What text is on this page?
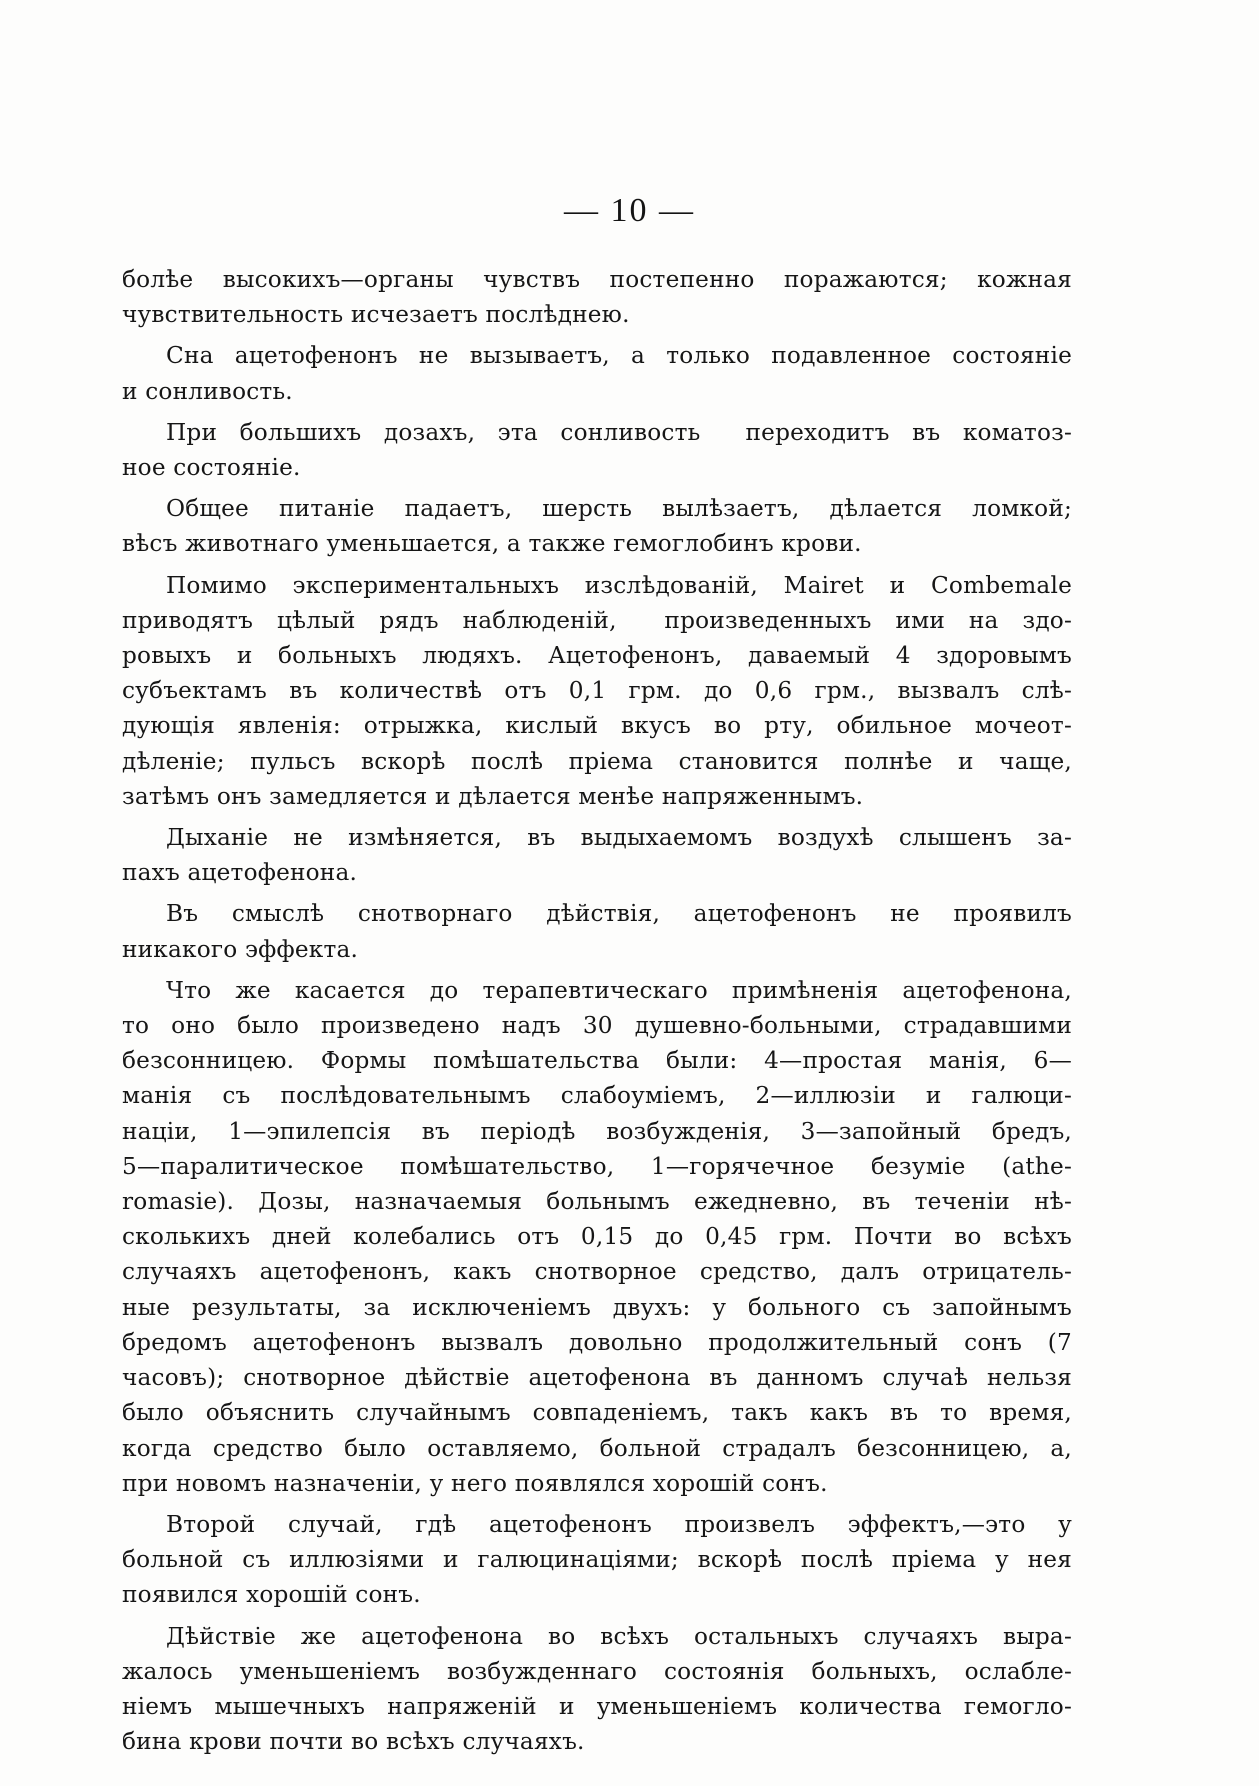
— 10 —
болѣе высокихъ—органы чувствъ постепенно поражаются; кожная
чувствительность исчезаетъ послѣднею.
Сна ацетофенонъ не вызываетъ, а только подавленное состоянiе
и сонливость.
При большихъ дозахъ, эта сонливость  переходитъ въ коматоз-
ное состоянiе.
Общее питанiе падаетъ, шерсть вылѣзаетъ, дѣлается ломкой;
вѣсъ животнаго уменьшается, а также гемоглобинъ крови.
Помимо экспериментальныхъ изслѣдованiй, Mairet и Combemale
приводятъ цѣлый рядъ наблюденiй,  произведенныхъ ими на здо-
ровыхъ и больныхъ людяхъ. Ацетофенонъ, даваемый 4 здоровымъ
субъектамъ въ количествѣ отъ 0,1 грм. до 0,6 грм., вызвалъ слѣ-
дующiя явленiя: отрыжка, кислый вкусъ во рту, обильное мочеот-
дѣленiе; пульсъ вскорѣ послѣ прiема становится полнѣе и чаще,
затѣмъ онъ замедляется и дѣлается менѣе напряженнымъ.
Дыханiе не измѣняется, въ выдыхаемомъ воздухѣ слышенъ за-
пахъ ацетофенона.
Въ смыслѣ снотворнаго дѣйствiя, ацетофенонъ не проявилъ
никакого эффекта.
Что же касается до терапевтическаго примѣненiя ацетофенона,
то оно было произведено надъ 30 душевно-больными, страдавшими
безсонницею. Формы помѣшательства были: 4—простая манiя, 6—
манiя съ послѣдовательнымъ слабоумiемъ, 2—иллюзiи и галюци-
нацiи, 1—эпилепсiя въ перiодѣ возбужденiя, 3—запойный бредъ,
5—паралитическое помѣшательство, 1—горячечное безумiе (athe-
romasie). Дозы, назначаемыя больнымъ ежедневно, въ теченiи нѣ-
сколькихъ дней колебались отъ 0,15 до 0,45 грм. Почти во всѣхъ
случаяхъ ацетофенонъ, какъ снотворное средство, далъ отрицатель-
ные результаты, за исключенiемъ двухъ: у больного съ запойнымъ
бредомъ ацетофенонъ вызвалъ довольно продолжительный сонъ (7
часовъ); снотворное дѣйствiе ацетофенона въ данномъ случаѣ нельзя
было объяснить случайнымъ совпаденiемъ, такъ какъ въ то время,
когда средство было оставляемо, больной страдалъ безсонницею, а,
при новомъ назначенiи, у него появлялся хорошiй сонъ.
Второй случай, гдѣ ацетофенонъ произвелъ эффектъ,—это у
больной съ иллюзiями и галюцинацiями; вскорѣ послѣ прiема у нея
появился хорошiй сонъ.
Дѣйствiе же ацетофенона во всѣхъ остальныхъ случаяхъ выра-
жалось уменьшенiемъ возбужденнаго состоянiя больныхъ, ослабле-
нiемъ мышечныхъ напряженiй и уменьшенiемъ количества гемогло-
бина крови почти во всѣхъ случаяхъ.
